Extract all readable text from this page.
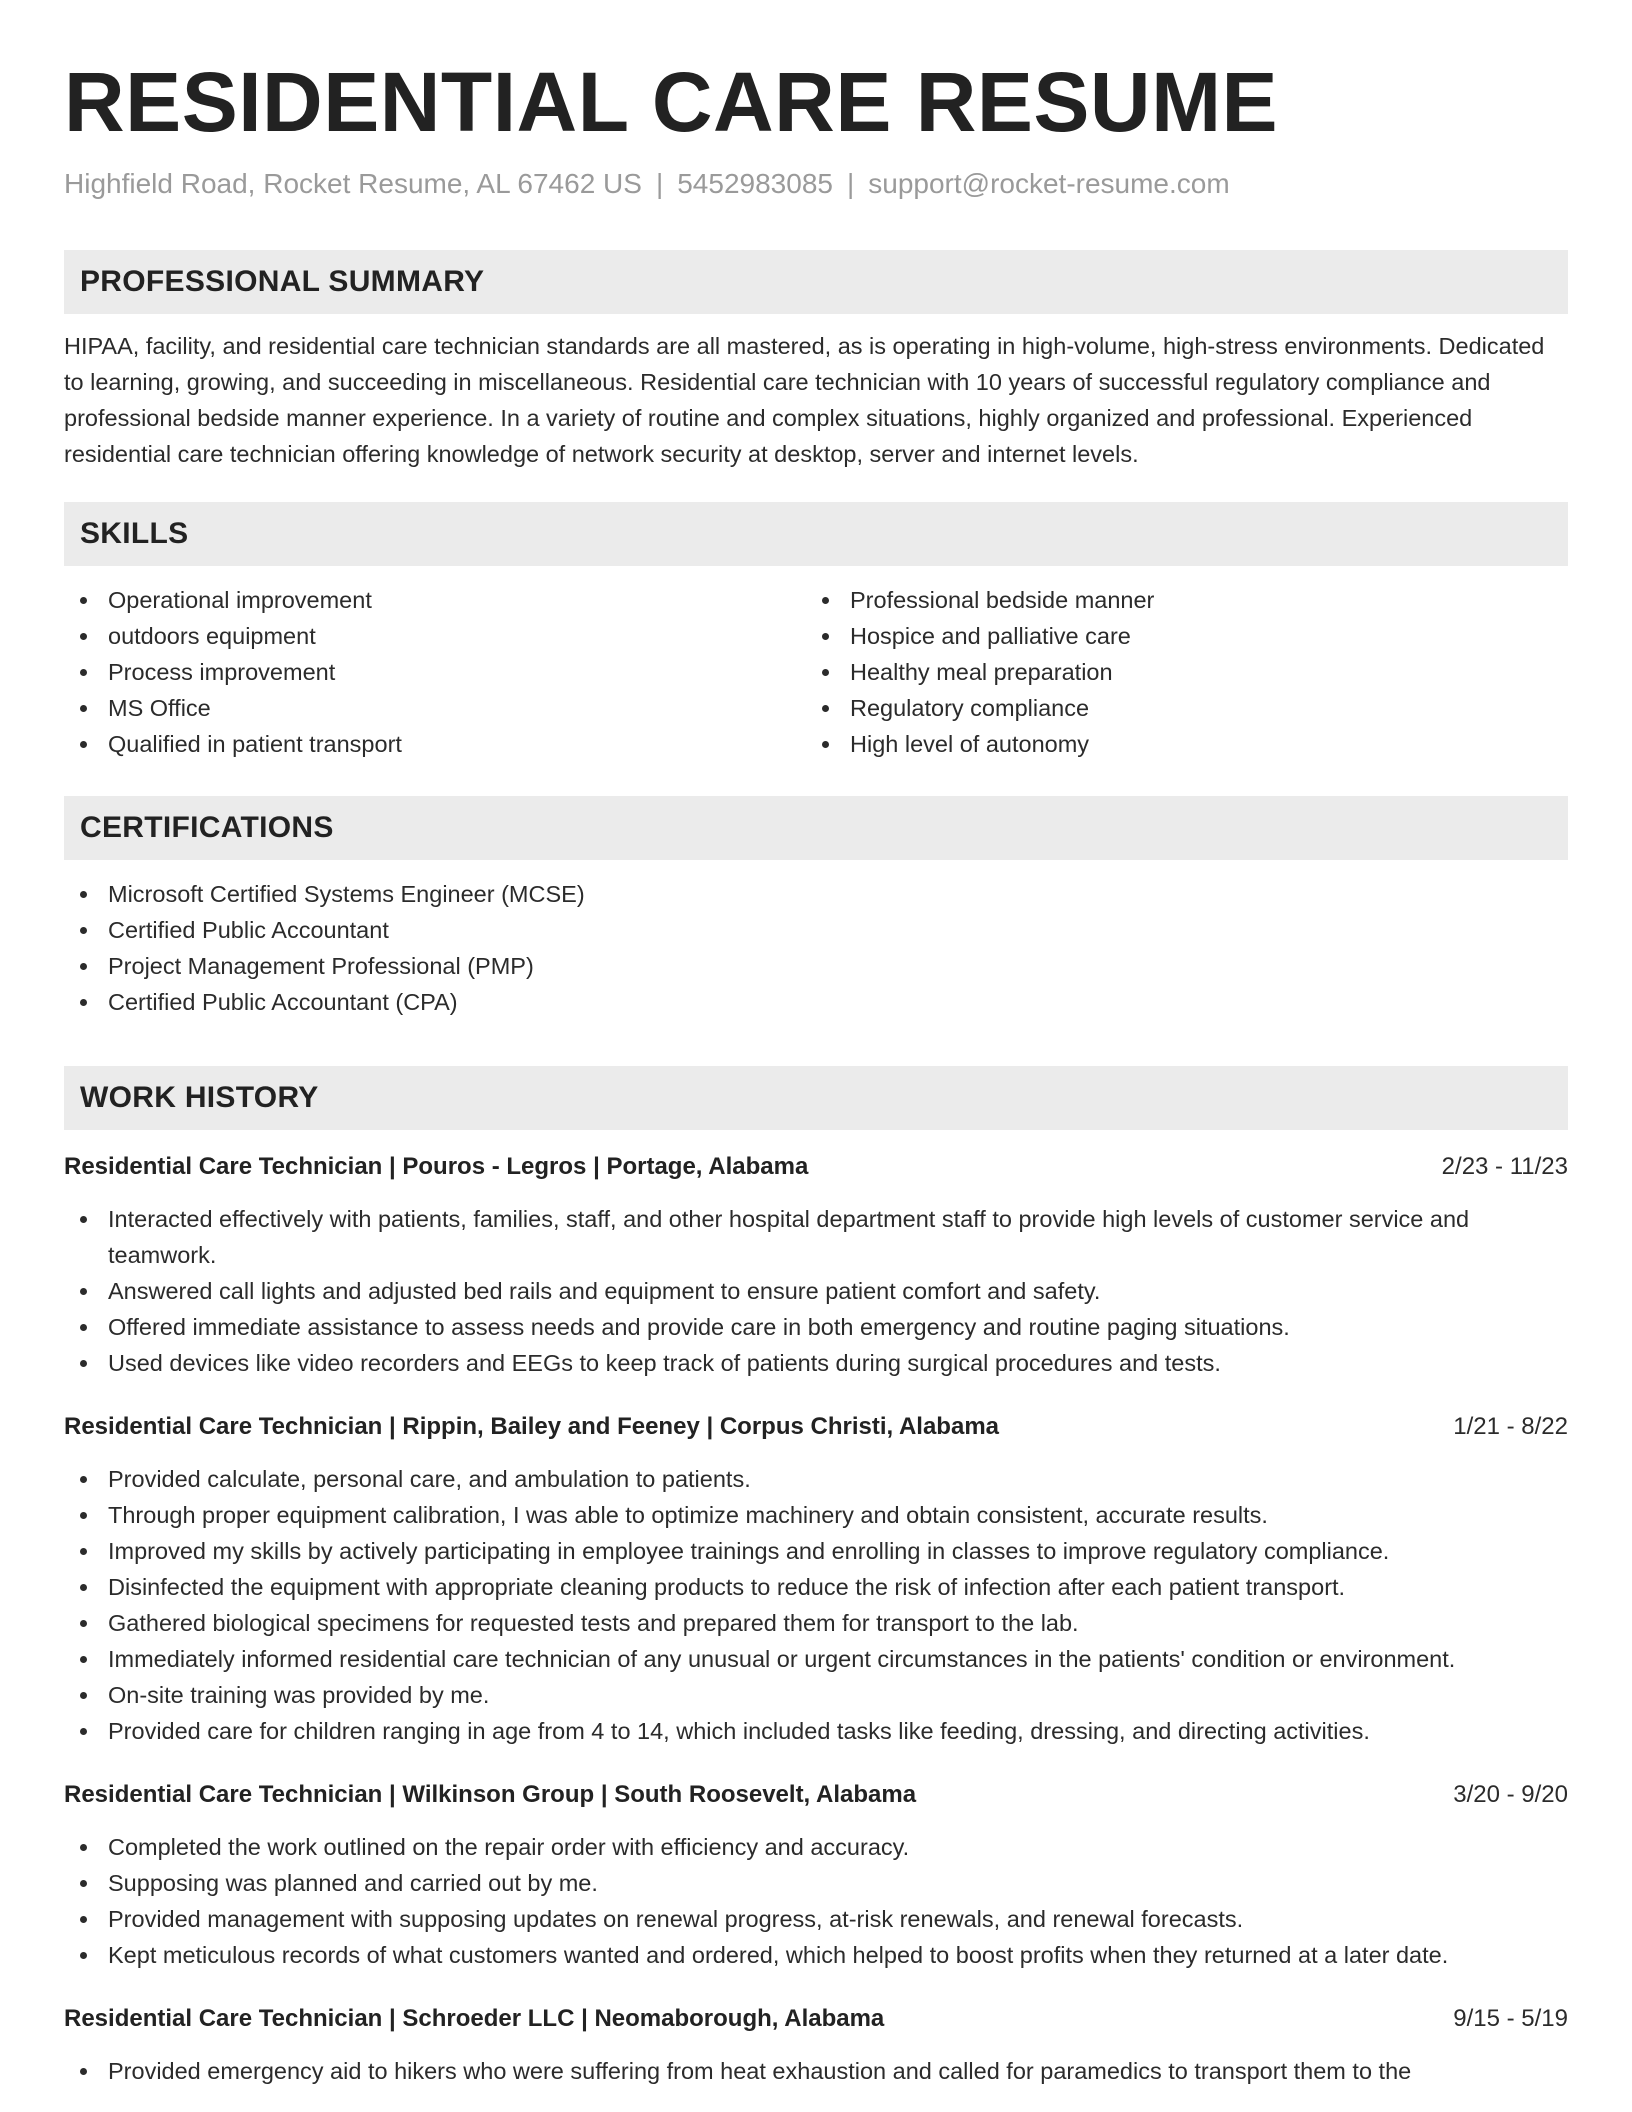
RESIDENTIAL CARE RESUME
Highfield Road, Rocket Resume, AL 67462 US | 5452983085 | support@rocket-resume.com
PROFESSIONAL SUMMARY

HIPAA, facility, and residential care technician standards are all mastered, as is operating in high-volume, high-stress environments. Dedicated to learning, growing, and succeeding in miscellaneous. Residential care technician with 10 years of successful regulatory compliance and professional bedside manner experience. In a variety of routine and complex situations, highly organized and professional. Experienced residential care technician offering knowledge of network security at desktop, server and internet levels.

SKILLS
Operational improvement
outdoors equipment
Process improvement
MS Office
Qualified in patient transport
Professional bedside manner
Hospice and palliative care
Healthy meal preparation
Regulatory compliance
High level of autonomy
CERTIFICATIONS
Microsoft Certified Systems Engineer (MCSE)
Certified Public Accountant
Project Management Professional (PMP)
Certified Public Accountant (CPA)
WORK HISTORY
Residential Care Technician | Pouros - Legros | Portage, Alabama	2/23 - 11/23
Interacted effectively with patients, families, staff, and other hospital department staff to provide high levels of customer service and teamwork.
Answered call lights and adjusted bed rails and equipment to ensure patient comfort and safety.
Offered immediate assistance to assess needs and provide care in both emergency and routine paging situations.
Used devices like video recorders and EEGs to keep track of patients during surgical procedures and tests.
Residential Care Technician | Rippin, Bailey and Feeney | Corpus Christi, Alabama	1/21 - 8/22
Provided calculate, personal care, and ambulation to patients.
Through proper equipment calibration, I was able to optimize machinery and obtain consistent, accurate results.
Improved my skills by actively participating in employee trainings and enrolling in classes to improve regulatory compliance.
Disinfected the equipment with appropriate cleaning products to reduce the risk of infection after each patient transport.
Gathered biological specimens for requested tests and prepared them for transport to the lab.
Immediately informed residential care technician of any unusual or urgent circumstances in the patients' condition or environment.
On-site training was provided by me.
Provided care for children ranging in age from 4 to 14, which included tasks like feeding, dressing, and directing activities.
Residential Care Technician | Wilkinson Group | South Roosevelt, Alabama	3/20 - 9/20
Completed the work outlined on the repair order with efficiency and accuracy.
Supposing was planned and carried out by me.
Provided management with supposing updates on renewal progress, at-risk renewals, and renewal forecasts.
Kept meticulous records of what customers wanted and ordered, which helped to boost profits when they returned at a later date.
Residential Care Technician | Schroeder LLC | Neomaborough, Alabama	9/15 - 5/19
Provided emergency aid to hikers who were suffering from heat exhaustion and called for paramedics to transport them to the
